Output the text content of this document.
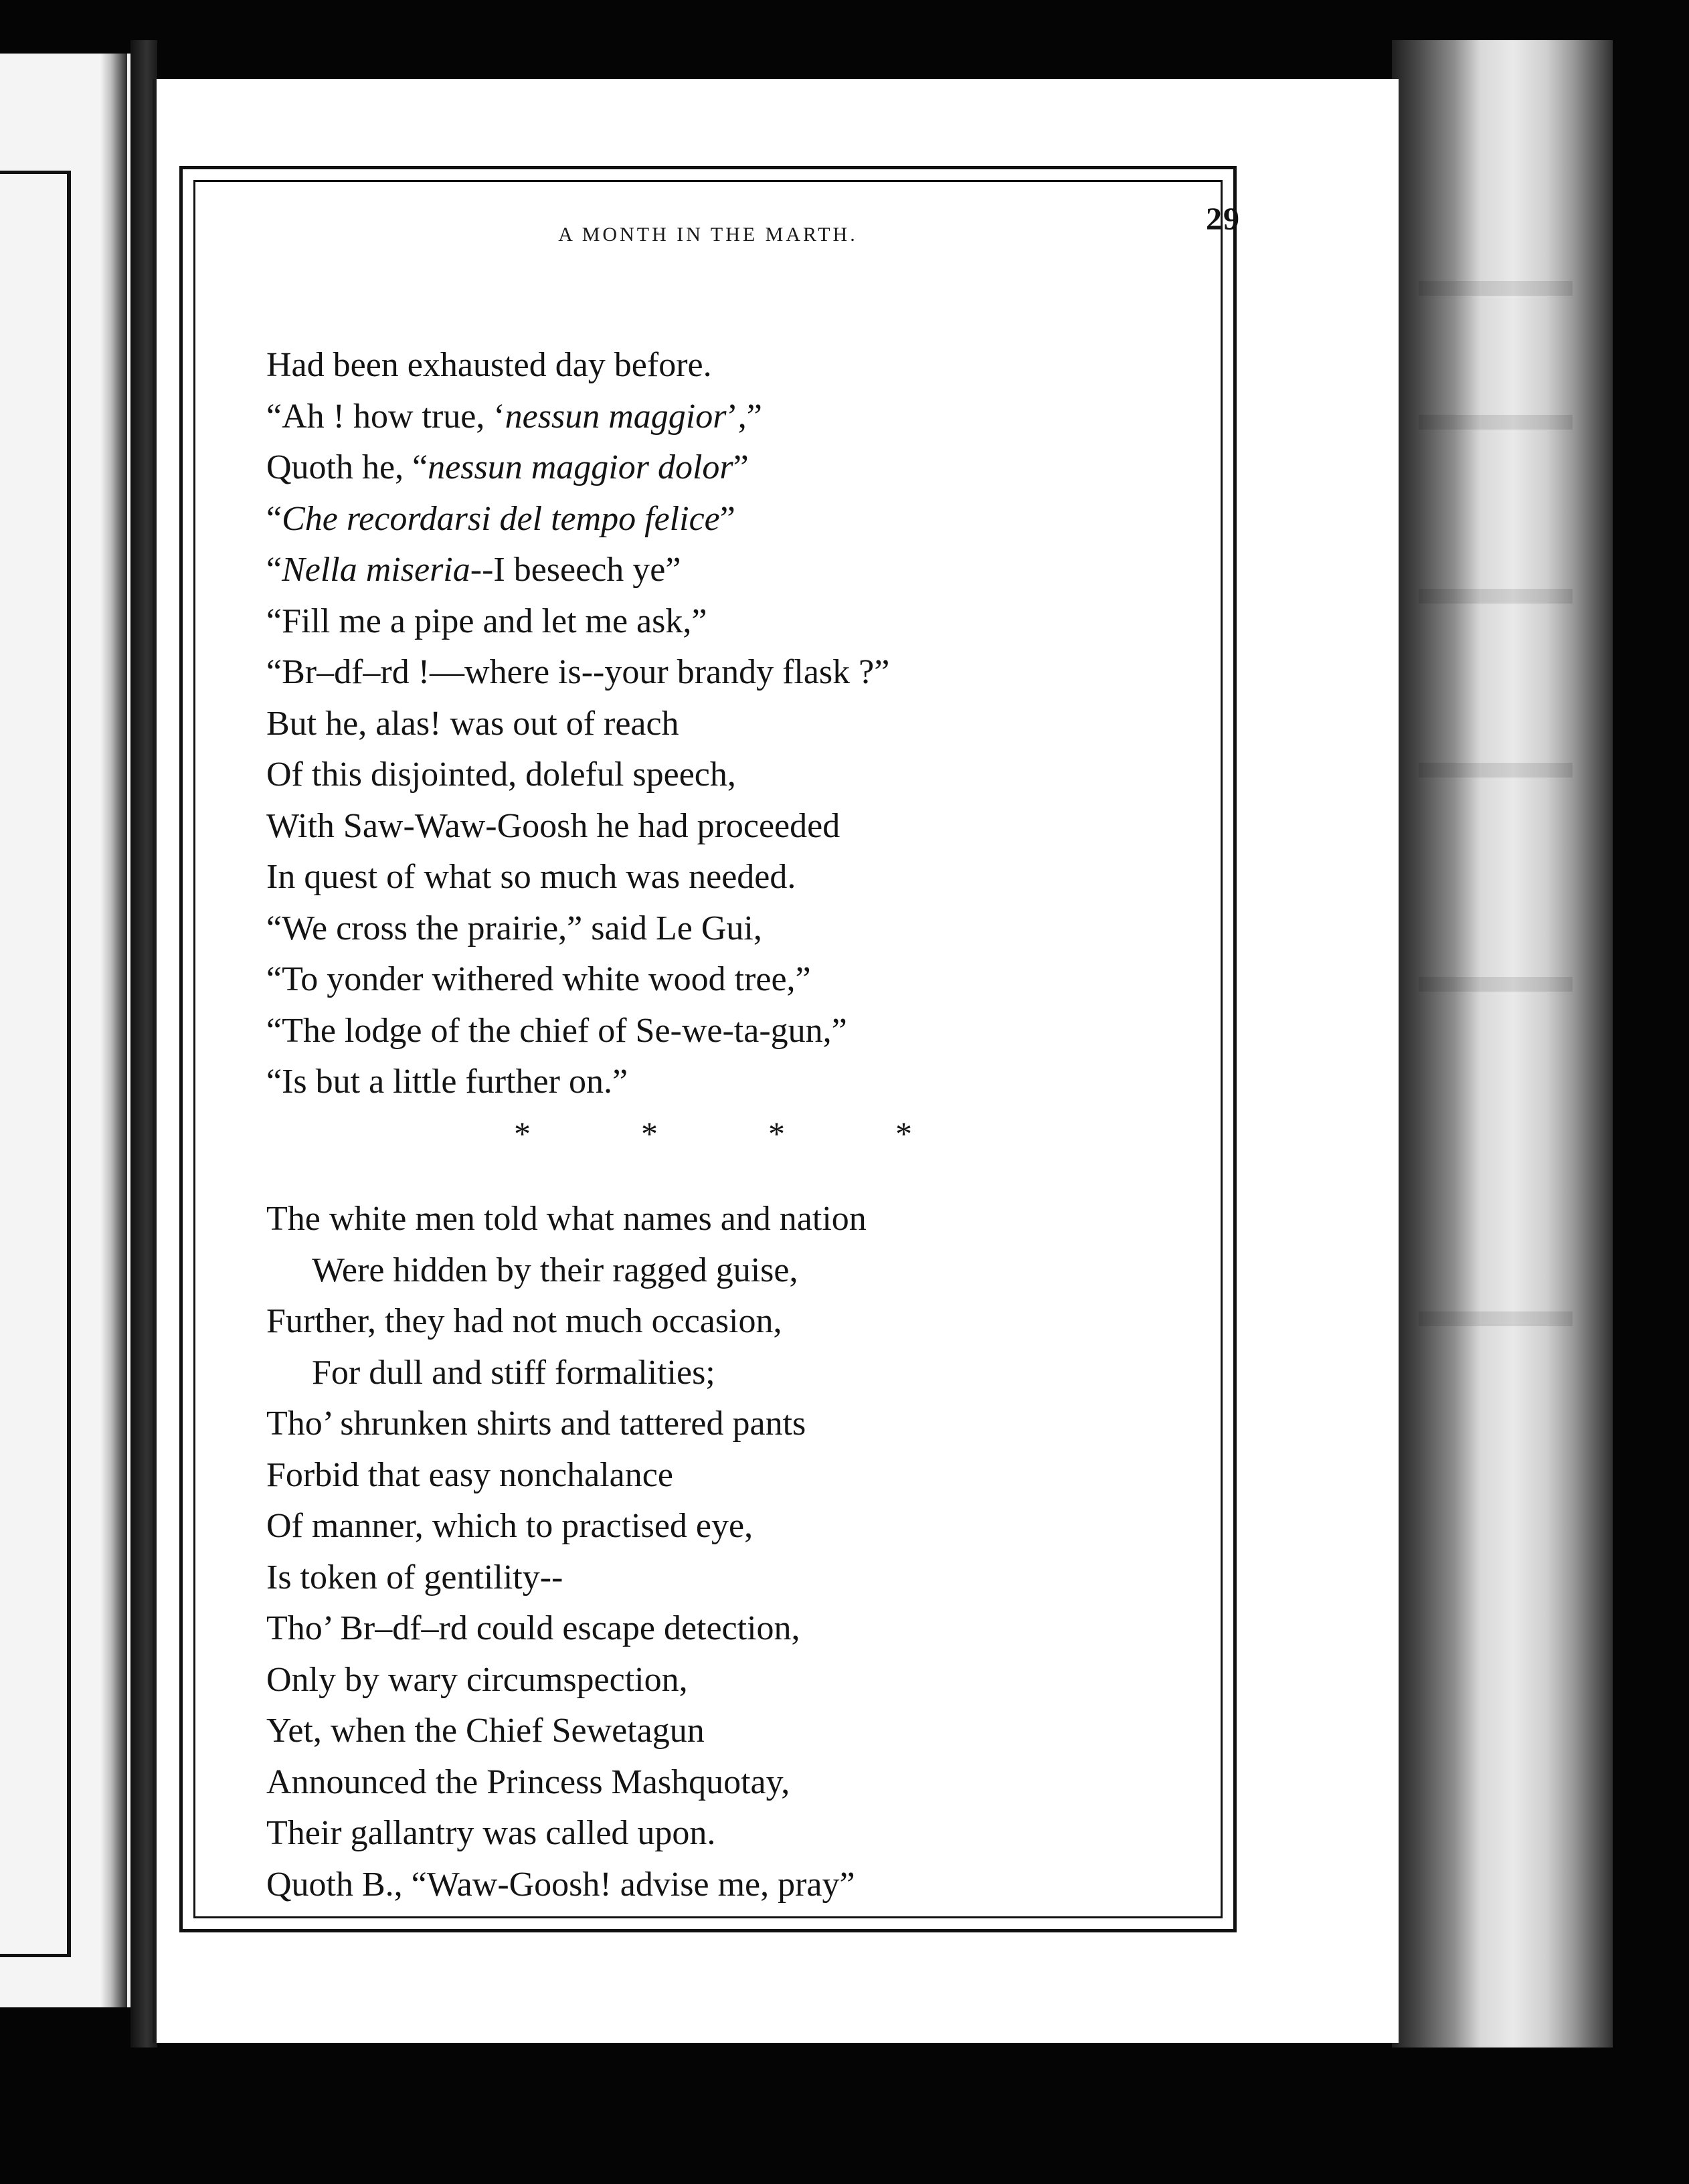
A MONTH IN THE MARTH.	29
Had been exhausted day before.
“Ah ! how true, ‘nessun maggior’,”
Quoth he, “nessun maggior dolor”
“Che recordarsi del tempo felice”
“Nella miseria--I beseech ye”
“Fill me a pipe and let me ask,”
“Br–df–rd !—where is--your brandy flask ?”
But he, alas! was out of reach
Of this disjointed, doleful speech,
With Saw-Waw-Goosh he had proceeded
In quest of what so much was needed.
“We cross the prairie,” said Le Gui,
“To yonder withered white wood tree,”
“The lodge of the chief of Se-we-ta-gun,”
“Is but a little further on.”
*	*	*	*
The white men told what names and nation
Were hidden by their ragged guise,
Further, they had not much occasion,
For dull and stiff formalities;
Tho’ shrunken shirts and tattered pants
Forbid that easy nonchalance
Of manner, which to practised eye,
Is token of gentility--
Tho’ Br–df–rd could escape detection,
Only by wary circumspection,
Yet, when the Chief Sewetagun
Announced the Princess Mashquotay,
Their gallantry was called upon.
Quoth B., “Waw-Goosh! advise me, pray”
